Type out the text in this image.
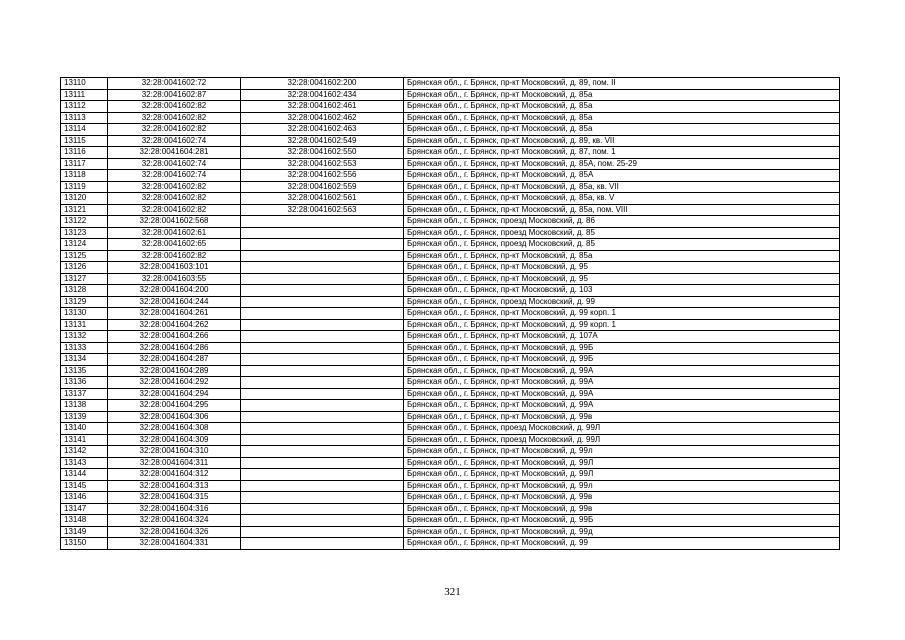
13110	32:28:0041602:72	32:28:0041602:200	Брянская обл., г. Брянск, пр-кт Московский, д. 89, пом. II
13111	32:28:0041602:87	32:28:0041602:434	Брянская обл., г. Брянск, пр-кт Московский, д. 85а
13112	32:28:0041602:82	32:28:0041602:461	Брянская обл., г. Брянск, пр-кт Московский, д. 85а
13113	32:28:0041602:82	32:28:0041602:462	Брянская обл., г. Брянск, пр-кт Московский, д. 85а
13114	32:28:0041602:82	32:28:0041602:463	Брянская обл., г. Брянск, пр-кт Московский, д. 85а
13115	32:28:0041602:74	32:28:0041602:549	Брянская обл., г. Брянск, пр-кт Московский, д. 89, кв. VII
13116	32:28:0041604:281	32:28:0041602:550	Брянская обл., г. Брянск, пр-кт Московский, д. 87, пом. 1
13117	32:28:0041602:74	32:28:0041602:553	Брянская обл., г. Брянск, пр-кт Московский, д. 85А, пом. 25-29
13118	32:28:0041602:74	32:28:0041602:556	Брянская обл., г. Брянск, пр-кт Московский, д. 85А
13119	32:28:0041602:82	32:28:0041602:559	Брянская обл., г. Брянск, пр-кт Московский, д. 85а, кв. VII
13120	32:28:0041602:82	32:28:0041602:561	Брянская обл., г. Брянск, пр-кт Московский, д. 85а, кв. V
13121	32:28:0041602:82	32:28:0041602:563	Брянская обл., г. Брянск, пр-кт Московский, д. 85а, пом. VIII
13122	32:28:0041602:568		Брянская обл., г. Брянск, проезд Московский, д. 86
13123	32:28:0041602:61		Брянская обл., г. Брянск, проезд Московский, д. 85
13124	32:28:0041602:65		Брянская обл., г. Брянск, проезд Московский, д. 85
13125	32:28:0041602:82		Брянская обл., г. Брянск, пр-кт Московский, д. 85а
13126	32:28:0041603:101		Брянская обл., г. Брянск, пр-кт Московский, д. 95
13127	32:28:0041603:55		Брянская обл., г. Брянск, пр-кт Московский, д. 95
13128	32:28:0041604:200		Брянская обл., г. Брянск, пр-кт Московский, д. 103
13129	32:28:0041604:244		Брянская обл., г. Брянск, проезд Московский, д. 99
13130	32:28:0041604:261		Брянская обл., г. Брянск, пр-кт Московский, д. 99 корп. 1
13131	32:28:0041604:262		Брянская обл., г. Брянск, пр-кт Московский, д. 99 корп. 1
13132	32:28:0041604:266		Брянская обл., г. Брянск, пр-кт Московский, д. 107А
13133	32:28:0041604:286		Брянская обл., г. Брянск, пр-кт Московский, д. 99Б
13134	32:28:0041604:287		Брянская обл., г. Брянск, пр-кт Московский, д. 99Б
13135	32:28:0041604:289		Брянская обл., г. Брянск, пр-кт Московский, д. 99А
13136	32:28:0041604:292		Брянская обл., г. Брянск, пр-кт Московский, д. 99А
13137	32:28:0041604:294		Брянская обл., г. Брянск, пр-кт Московский, д. 99А
13138	32:28:0041604:295		Брянская обл., г. Брянск, пр-кт Московский, д. 99А
13139	32:28:0041604:306		Брянская обл., г. Брянск, пр-кт Московский, д. 99в
13140	32:28:0041604:308		Брянская обл., г. Брянск, проезд Московский, д. 99Л
13141	32:28:0041604:309		Брянская обл., г. Брянск, проезд Московский, д. 99Л
13142	32:28:0041604:310		Брянская обл., г. Брянск, пр-кт Московский, д. 99л
13143	32:28:0041604:311		Брянская обл., г. Брянск, пр-кт Московский, д. 99Л
13144	32:28:0041604:312		Брянская обл., г. Брянск, пр-кт Московский, д. 99Л
13145	32:28:0041604:313		Брянская обл., г. Брянск, пр-кт Московский, д. 99л
13146	32:28:0041604:315		Брянская обл., г. Брянск, пр-кт Московский, д. 99в
13147	32:28:0041604:316		Брянская обл., г. Брянск, пр-кт Московский, д. 99в
13148	32:28:0041604:324		Брянская обл., г. Брянск, пр-кт Московский, д. 99Б
13149	32:28:0041604:326		Брянская обл., г. Брянск, пр-кт Московский, д. 99д
13150	32:28:0041604:331		Брянская обл., г. Брянск, пр-кт Московский, д. 99
321
